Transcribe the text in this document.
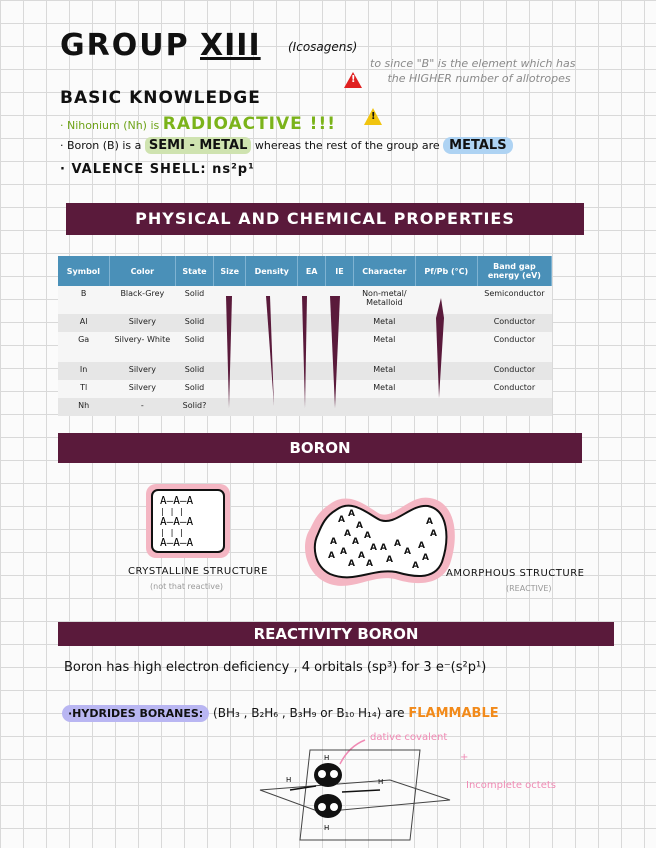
GROUP XIII (Icosagens)
to since "B" is the element which has
the HIGHER number of allotropes
!
BASIC KNOWLEDGE
· Nihonium (Nh) is RADIOACTIVE !!!
!
· Boron (B) is a SEMI - METAL whereas the rest of the group are METALS
· VALENCE SHELL: ns²p¹
PHYSICAL AND CHEMICAL PROPERTIES
Symbol	Color	State	Size	Density	EA	IE	Character	Pf/Pb (°C)	Band gap energy (eV)
B	Black-Grey	Solid					Non-metal/ Metalloid		Semiconductor
Al	Silvery	Solid					Metal		Conductor
Ga	Silvery- White	Solid					Metal		Conductor
In	Silvery	Solid					Metal		Conductor
Tl	Silvery	Solid					Metal		Conductor
Nh	-	Solid?							
BORON
A—A—A
| | |
A—A—A
| | |
A—A—A
CRYSTALLINE STRUCTURE
(not that reactive)
A
A
A
A
A A
A
A
A A
A A
A
A
A
A
A
A
A
A
A A
AMORPHOUS STRUCTURE
(REACTIVE)
REACTIVITY BORON
Boron has high electron deficiency , 4 orbitals (sp³) for 3 e⁻(s²p¹)
·HYDRIDES BORANES: (BH₃ , B₂H₆ , B₃H₉ or B₁₀ H₁₄) are FLAMMABLE
dative covalent
+
Incomplete octets
H	H
H
H
